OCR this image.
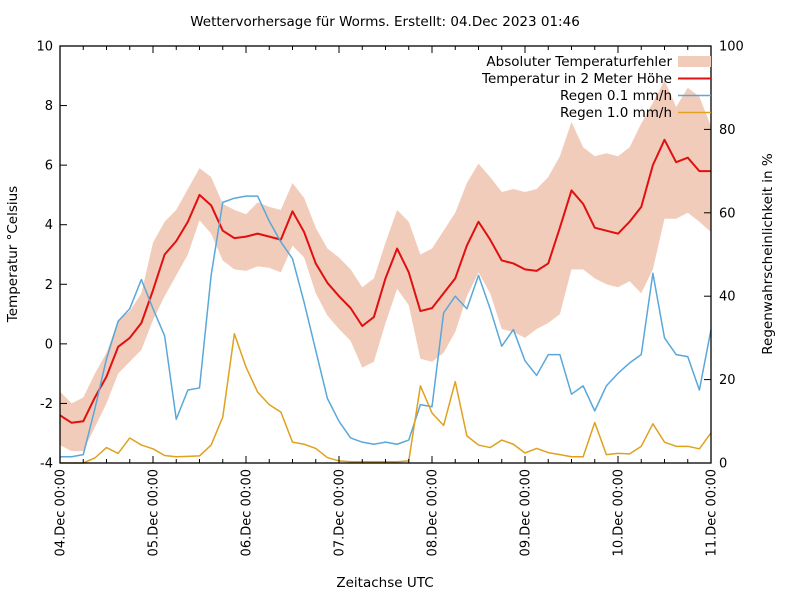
Wettervorhersage für Worms. Erstellt: 04.Dec 2023 01:46
04.Dec 00:00	05.Dec 00:00	06.Dec 00:00	07.Dec 00:00	08.Dec 00:00	09.Dec 00:00	10.Dec 00:00	11.Dec 00:00
-4
-2
0
2
4
6
8
10
0
20
40
60
80
100
Temperatur °Celsius	Regenwahrscheinlichkeit in %
Zeitachse UTC
Absoluter Temperaturfehler
Temperatur in 2 Meter Höhe
Regen 0.1 mm/h
Regen 1.0 mm/h
